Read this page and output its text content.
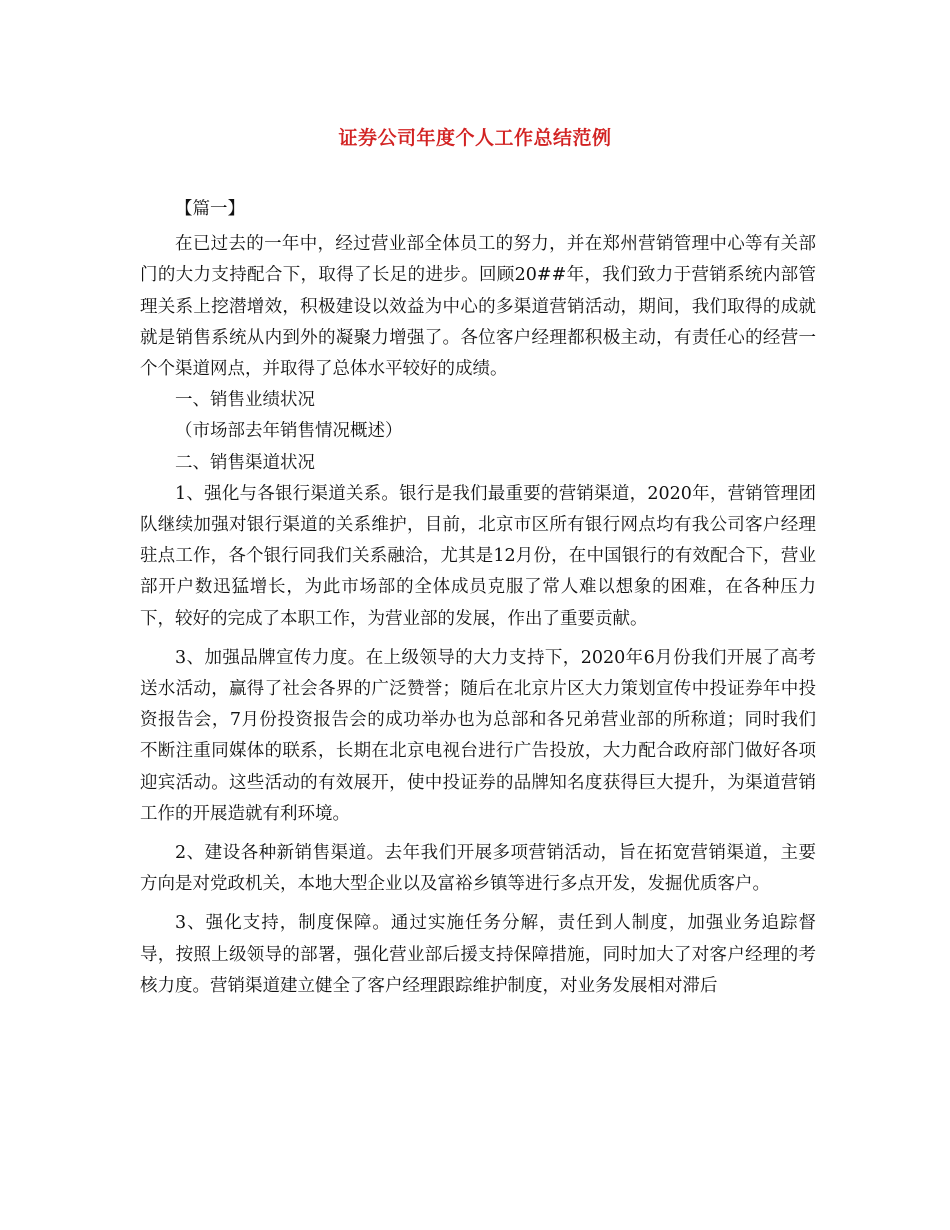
证券公司年度个人工作总结范例

【篇一】

在已过去的一年中，经过营业部全体员工的努力，并在郑州营销管理中心等有关部门的大力支持配合下，取得了长足的进步。回顾20##年，我们致力于营销系统内部管理关系上挖潜增效，积极建设以效益为中心的多渠道营销活动，期间，我们取得的成就就是销售系统从内到外的凝聚力增强了。各位客户经理都积极主动，有责任心的经营一个个渠道网点，并取得了总体水平较好的成绩。

一、销售业绩状况

（市场部去年销售情况概述）

二、销售渠道状况

1、强化与各银行渠道关系。银行是我们最重要的营销渠道，2020年，营销管理团队继续加强对银行渠道的关系维护，目前，北京市区所有银行网点均有我公司客户经理驻点工作，各个银行同我们关系融洽，尤其是12月份，在中国银行的有效配合下，营业部开户数迅猛增长，为此市场部的全体成员克服了常人难以想象的困难，在各种压力下，较好的完成了本职工作，为营业部的发展，作出了重要贡献。

3、加强品牌宣传力度。在上级领导的大力支持下，2020年6月份我们开展了高考送水活动，赢得了社会各界的广泛赞誉；随后在北京片区大力策划宣传中投证券年中投资报告会，7月份投资报告会的成功举办也为总部和各兄弟营业部的所称道；同时我们不断注重同媒体的联系，长期在北京电视台进行广告投放，大力配合政府部门做好各项迎宾活动。这些活动的有效展开，使中投证券的品牌知名度获得巨大提升，为渠道营销工作的开展造就有利环境。

2、建设各种新销售渠道。去年我们开展多项营销活动，旨在拓宽营销渠道，主要方向是对党政机关，本地大型企业以及富裕乡镇等进行多点开发，发掘优质客户。

3、强化支持，制度保障。通过实施任务分解，责任到人制度，加强业务追踪督导，按照上级领导的部署，强化营业部后援支持保障措施，同时加大了对客户经理的考核力度。营销渠道建立健全了客户经理跟踪维护制度，对业务发展相对滞后
